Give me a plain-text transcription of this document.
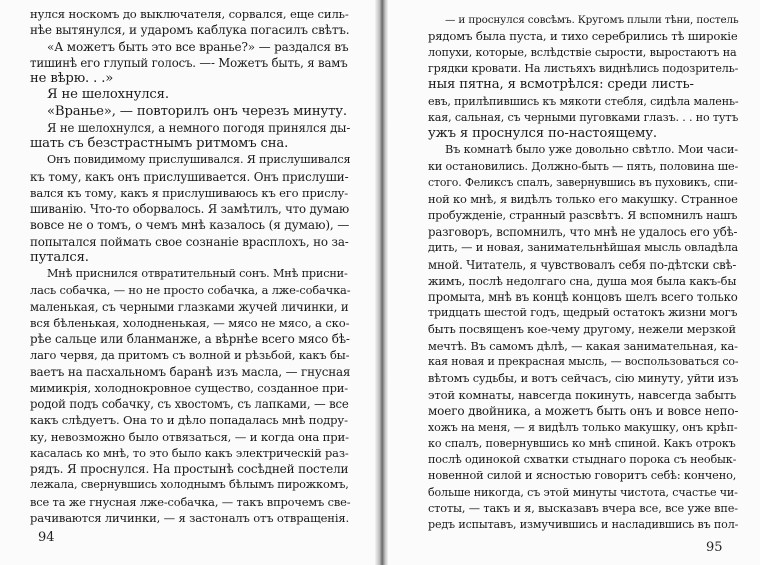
нулся носкомъ до выключателя, сорвался, еще силь-
нѣе вытянулся, и ударомъ каблука погасилъ свѣтъ.
«А можетъ быть это все вранье?» — раздался въ
тишинѣ его глупый голосъ. —- Можетъ быть, я вамъ
не вѣрю. . .»
Я не шелохнулся.
«Вранье», — повторилъ онъ черезъ минуту.
Я не шелохнулся, а немного погодя принялся ды-
шать съ безстрастнымъ ритмомъ сна.
Онъ повидимому прислушивался. Я прислушивался
къ тому, какъ онъ прислушивается. Онъ прислуши-
вался къ тому, какъ я прислушиваюсь къ его прислу-
шиванію. Что-то оборвалось. Я замѣтилъ, что думаю
вовсе не о томъ, о чемъ мнѣ казалось (я думаю), —
попытался поймать свое сознаніе врасплохъ, но за-
путался.
Мнѣ приснился отвратительный сонъ. Мнѣ присни-
лась собачка, — но не просто собачка, а лже-собачка-
маленькая, съ черными глазками жучей личинки, и
вся бѣленькая, холодненькая, — мясо не мясо, а ско-
рѣе сальце или бланманже, а вѣрнѣе всего мясо бѣ-
лаго червя, да притомъ съ волной и рѣзьбой, какъ бы-
ваетъ на пасхальномъ баранѣ изъ масла, — гнусная
мимикрія, холоднокровное существо, созданное при-
родой подъ собачку, съ хвостомъ, съ лапками, — все
какъ слѣдуетъ. Она то и дѣло попадалась мнѣ подру-
ку, невозможно было отвязаться, — и когда она при-
касалась ко мнѣ, то это было какъ электрическій раз-
рядъ. Я проснулся. На простынѣ сосѣдней постели
лежала, свернувшись холоднымъ бѣлымъ пирожкомъ,
все та же гнусная лже-собачка, — такъ впрочемъ свe-
рачиваются личинки, — я застоналъ отъ отвращенія.
94
— и проснулся совсѣмъ. Кругомъ плыли тѣни, постель
рядомъ была пуста, и тихо серебрились тѣ широкіе
лопухи, которые, вслѣдствіе сырости, выростаютъ на
грядки кровати. На листьяхъ виднѣлись подозритель-
ныя пятна, я всмотрѣлся: среди листь-
евъ, прилѣпившись къ мякоти стебля, сидѣла малень-
кая, сальная, съ черными пуговками глазъ. . . но тутъ
ужъ я проснулся по-настоящему.
Въ комнатѣ было уже довольно свѣтло. Мои часи-
ки остановились. Должно-быть — пять, половина ше-
стого. Феликсъ спалъ, завернувшись въ пуховикъ, спи-
ной ко мнѣ, я видѣлъ только его макушку. Странное
пробужденіе, странный разсвѣтъ. Я вспомнилъ нашъ
разговоръ, вспомнилъ, что мнѣ не удалось его убѣ-
дить, — и новая, занимательнѣйшая мысль овладѣла
мной. Читатель, я чувствовалъ себя по-дѣтски свѣ-
жимъ, послѣ недолгаго сна, душа моя была какъ-бы
промыта, мнѣ въ концѣ концовъ шелъ всего только
тридцать шестой годъ, щедрый остатокъ жизни могъ
быть посвященъ кое-чему другому, нежели мерзкой
мечтѣ. Въ самомъ дѣлѣ, — какая занимательная, ка-
кая новая и прекрасная мысль, — воспользоваться со-
вѣтомъ судьбы, и вотъ сейчасъ, сію минуту, уйти изъ
этой комнаты, навсегда покинуть, навсегда забыть
моего двойника, а можетъ быть онъ и вовсе непо-
хожъ на меня, — я видѣлъ только макушку, онъ крѣп-
ко спалъ, повернувшись ко мнѣ спиной. Какъ отрокъ
послѣ одинокой схватки стыднаго порока съ необык-
новенной силой и ясностью говоритъ себѣ: кончено,
больше никогда, съ этой минуты чистота, счастье чи-
стоты, — такъ и я, высказавъ вчера все, все уже впе-
редъ испытавъ, измучившись и насладившись въ пол-
95
